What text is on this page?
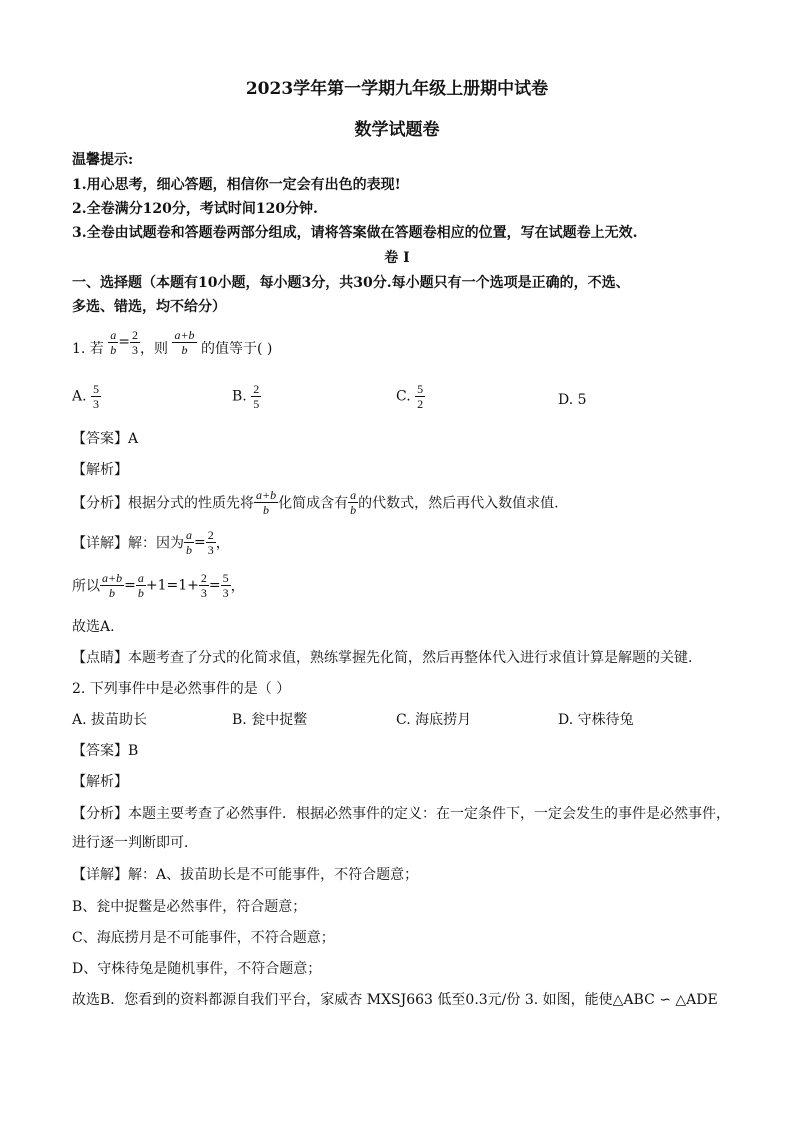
2023学年第一学期九年级上册期中试卷
数学试题卷
温馨提示:
1.用心思考，细心答题，相信你一定会有出色的表现!
2.全卷满分120分，考试时间120分钟.
3.全卷由试题卷和答题卷两部分组成，请将答案做在答题卷相应的位置，写在试题卷上无效.
卷 I
一、选择题（本题有10小题，每小题3分，共30分.每小题只有一个选项是正确的，不选、
多选、错选，均不给分）
1. 若 $\frac{a}{b} = \frac{2}{3}$ ，则 $\frac{a+b}{b}$ 的值等于( )
A. $\frac{5}{3}$	B. $\frac{2}{5}$	C. $\frac{5}{2}$	D. 5
【答案】A
【解析】
【分析】根据分式的性质先将 $\frac{a+b}{b}$ 化简成含有 $\frac{a}{b}$ 的代数式，然后再代入数值求值.
【详解】解：因为 $\frac{a}{b} = \frac{2}{3}$ ，
所以 $\frac{a+b}{b} = \frac{a}{b} +1=1+ \frac{2}{3} = \frac{5}{3}$ ，
故选A.
【点睛】本题考查了分式的化简求值，熟练掌握先化简，然后再整体代入进行求值计算是解题的关键.
2. 下列事件中是必然事件的是（ ）
A. 拔苗助长	B. 瓮中捉鳖	C. 海底捞月	D. 守株待兔
【答案】B
【解析】
【分析】本题主要考查了必然事件．根据必然事件的定义：在一定条件下，一定会发生的事件是必然事件，
进行逐一判断即可．
【详解】解：A、拔苗助长是不可能事件，不符合题意；
B、瓮中捉鳖是必然事件，符合题意；
C、海底捞月是不可能事件，不符合题意；
D、守株待兔是随机事件，不符合题意；
故选B．您看到的资料都源自我们平台，家威杏 MXSJ663 低至0.3元/份 3. 如图，能使△ABC ∽ △ADE
